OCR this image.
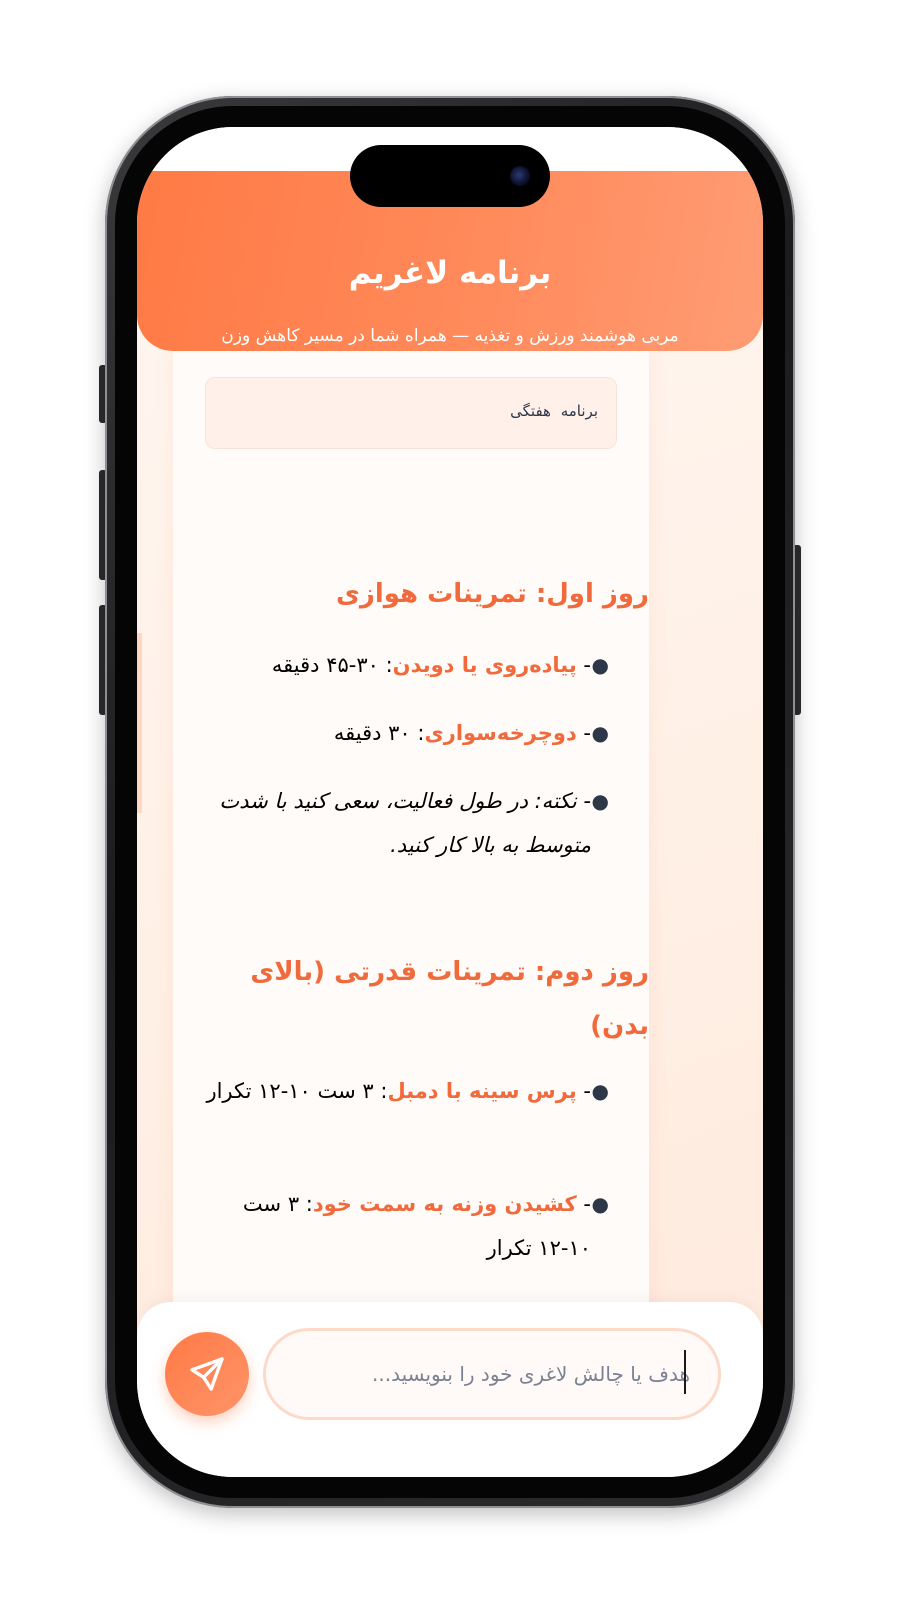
برنامه لاغریم
مربی هوشمند ورزش و تغذیه — همراه شما در مسیر کاهش وزن
برنامه هفتگی
روز اول: تمرینات هوازی
●
- پیاده‌روی یا دویدن: ۳۰-۴۵ دقیقه
●
- دوچرخه‌سواری: ۳۰ دقیقه
●
- نکته: در طول فعالیت، سعی کنید با شدت متوسط به بالا کار کنید.
روز دوم: تمرینات قدرتی (بالای بدن)
●
- پرس سینه با دمبل: ۳ ست ۱۰-۱۲ تکرار
●
- کشیدن وزنه به سمت خود: ۳ ست ۱۰-۱۲ تکرار
هدف یا چالش لاغری خود را بنویسید...
